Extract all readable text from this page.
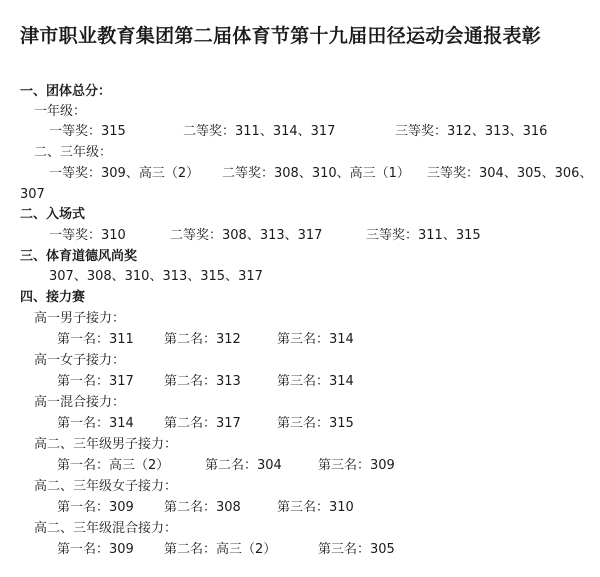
津市职业教育集团第二届体育节第十九届田径运动会通报表彰
一、团体总分：
一年级：
一等奖：315	二等奖：311、314、317	三等奖：312、313、316
二、三年级：
一等奖：309、高三（2） 二等奖：308、310、高三（1） 三等奖：304、305、306、
307
二、入场式
一等奖：310	二等奖：308、313、317	三等奖：311、315
三、体育道德风尚奖
307、308、310、313、315、317
四、接力赛
高一男子接力：
第一名：311 第二名：312	第三名：314
高一女子接力：
第一名：317 第二名：313	第三名：314
高一混合接力：
第一名：314 第二名：317	第三名：315
高二、三年级男子接力：
第一名：高三（2）	第二名：304	第三名：309
高二、三年级女子接力：
第一名：309 第二名：308	第三名：310
高二、三年级混合接力：
第一名：309 第二名：高三（2）	第三名：305
